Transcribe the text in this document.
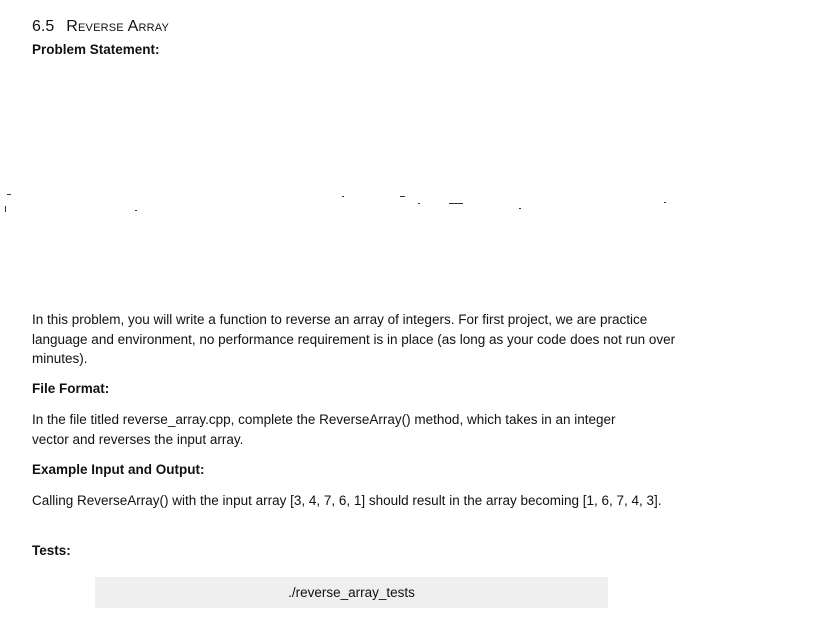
6.5 Reverse Array
Problem Statement:

In this problem, you will write a function to reverse an array of integers. For first project, we are practice language and environment, no performance requirement is in place (as long as your code does not run over minutes).

File Format:

In the file titled reverse_array.cpp, complete the ReverseArray() method, which takes in an integer vector and reverses the input array.

Example Input and Output:

Calling ReverseArray() with the input array [3, 4, 7, 6, 1] should result in the array becoming [1, 6, 7, 4, 3].

Tests:
./reverse_array_tests
